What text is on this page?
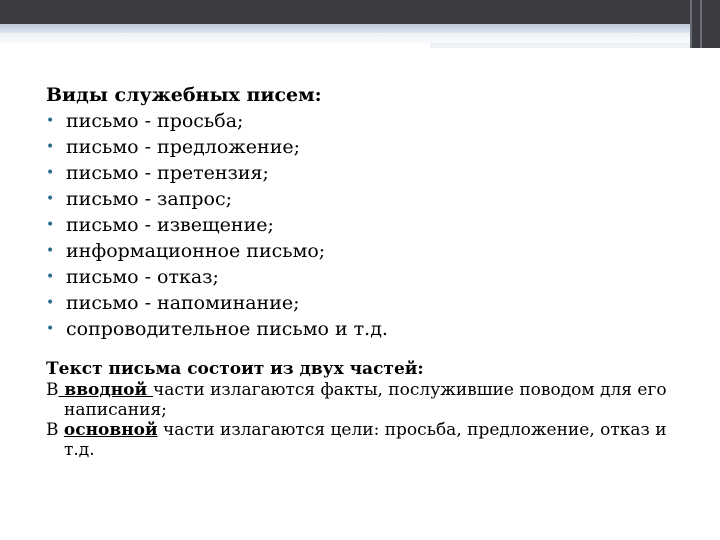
Виды служебных писем:
• письмо - просьба;
• письмо - предложение;
• письмо - претензия;
• письмо - запрос;
• письмо - извещение;
• информационное письмо;
• письмо - отказ;
• письмо - напоминание;
• сопроводительное письмо и т.д.
Текст письма состоит из двух частей:
В вводной части излагаются факты, послужившие поводом для его написания;
В основной части излагаются цели: просьба, предложение, отказ и т.д.
